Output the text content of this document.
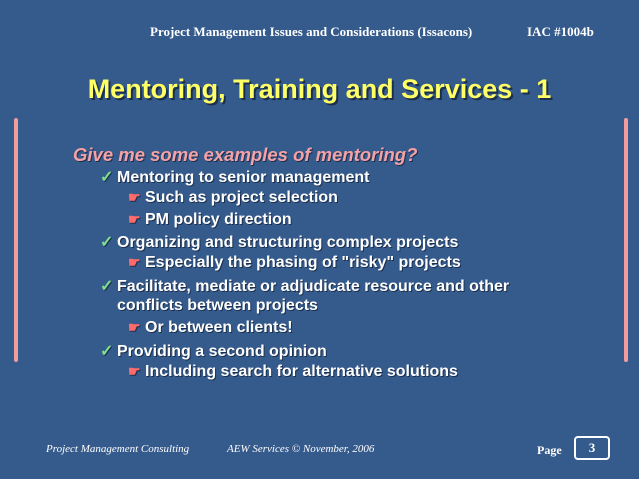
Project Management Issues and Considerations (Issacons)	IAC #1004b
Mentoring, Training and Services - 1
Give me some examples of mentoring?
✓ Mentoring to senior management
☛ Such as project selection
☛ PM policy direction
✓ Organizing and structuring complex projects
☛ Especially the phasing of "risky" projects
✓ Facilitate, mediate or adjudicate resource and other
conflicts between projects
☛ Or between clients!
✓ Providing a second opinion
☛ Including search for alternative solutions
Project Management Consulting	AEW Services © November, 2006	Page	3
